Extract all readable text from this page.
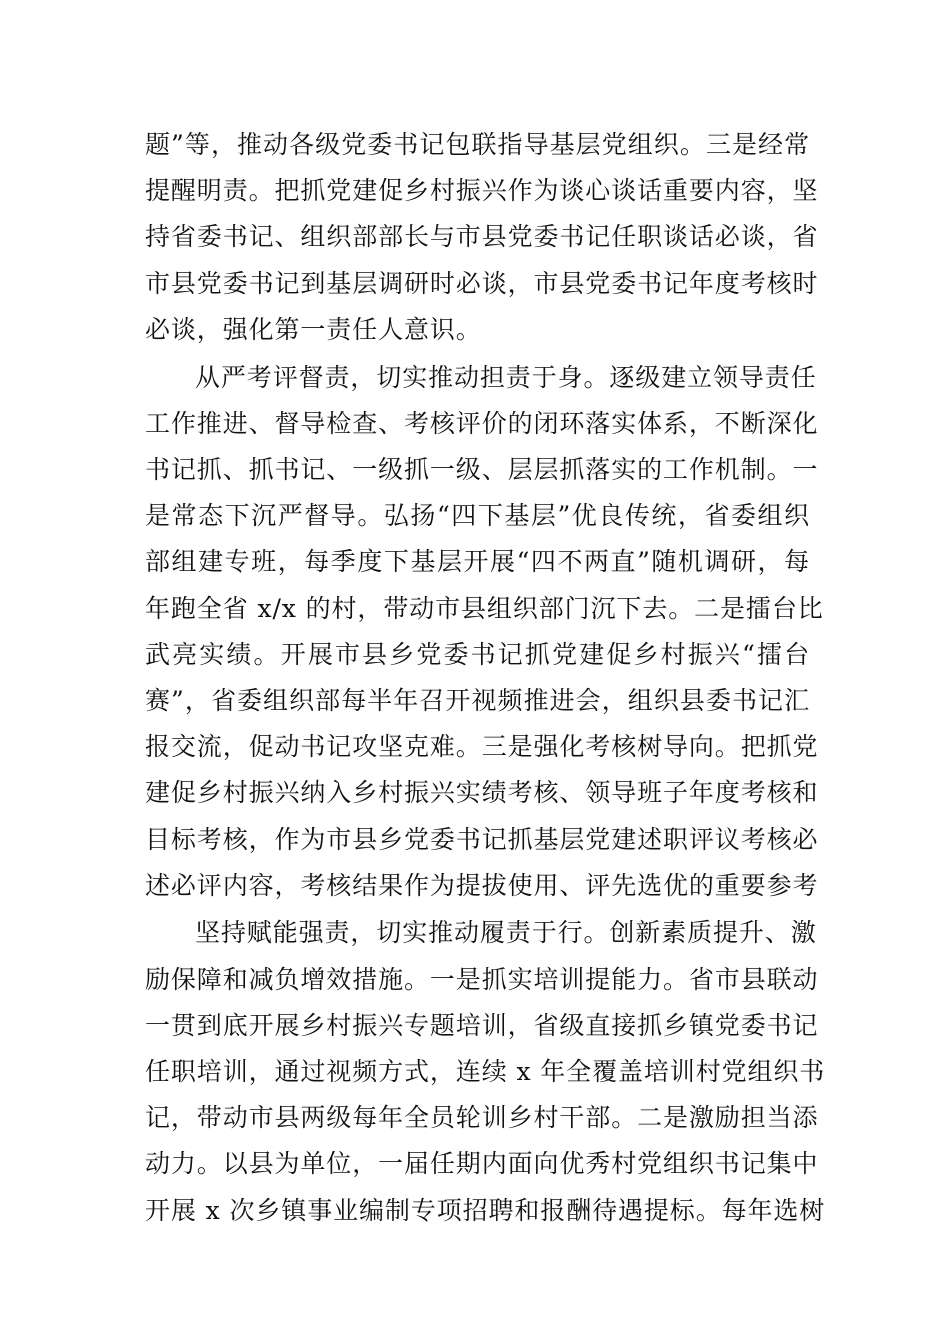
题”等，推动各级党委书记包联指导基层党组织。三是经常
提醒明责。把抓党建促乡村振兴作为谈心谈话重要内容，坚
持省委书记、组织部部长与市县党委书记任职谈话必谈，省
市县党委书记到基层调研时必谈，市县党委书记年度考核时
必谈，强化第一责任人意识。

从严考评督责，切实推动担责于身。逐级建立领导责任
工作推进、督导检查、考核评价的闭环落实体系，不断深化
书记抓、抓书记、一级抓一级、层层抓落实的工作机制。一
是常态下沉严督导。弘扬“四下基层”优良传统，省委组织
部组建专班，每季度下基层开展“四不两直”随机调研，每
年跑全省 x/x 的村，带动市县组织部门沉下去。二是擂台比
武亮实绩。开展市县乡党委书记抓党建促乡村振兴“擂台
赛”，省委组织部每半年召开视频推进会，组织县委书记汇
报交流，促动书记攻坚克难。三是强化考核树导向。把抓党
建促乡村振兴纳入乡村振兴实绩考核、领导班子年度考核和
目标考核，作为市县乡党委书记抓基层党建述职评议考核必
述必评内容，考核结果作为提拔使用、评先选优的重要参考

坚持赋能强责，切实推动履责于行。创新素质提升、激
励保障和减负增效措施。一是抓实培训提能力。省市县联动
一贯到底开展乡村振兴专题培训，省级直接抓乡镇党委书记
任职培训，通过视频方式，连续 x 年全覆盖培训村党组织书
记，带动市县两级每年全员轮训乡村干部。二是激励担当添
动力。以县为单位，一届任期内面向优秀村党组织书记集中
开展 x 次乡镇事业编制专项招聘和报酬待遇提标。每年选树
